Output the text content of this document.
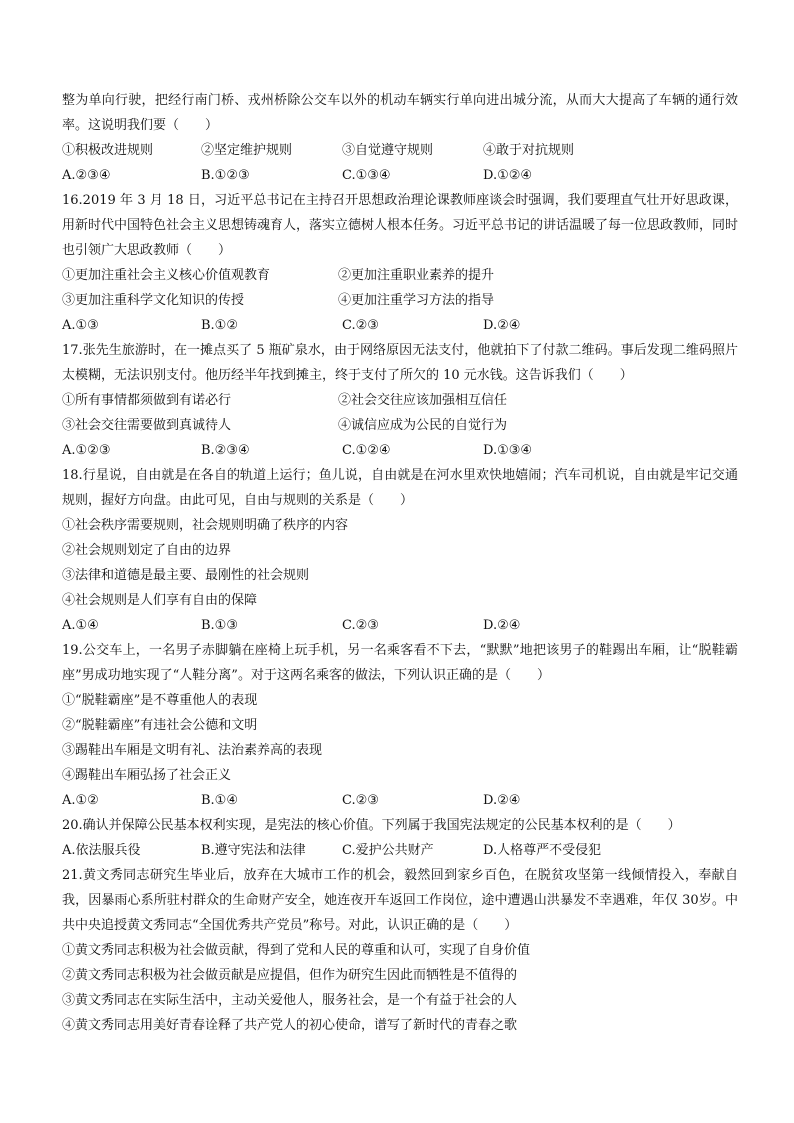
整为单向行驶，把经行南门桥、戎州桥除公交车以外的机动车辆实行单向进出城分流，从而大大提高了车辆的通行效率。这说明我们要（　　）

①积极改进规则	②坚定维护规则	③自觉遵守规则	④敢于对抗规则
A.②③④	B.①②③	C.①③④	D.①②④

16.2019 年 3 月 18 日，习近平总书记在主持召开思想政治理论课教师座谈会时强调，我们要理直气壮开好思政课，用新时代中国特色社会主义思想铸魂育人，落实立德树人根本任务。习近平总书记的讲话温暖了每一位思政教师，同时也引领广大思政教师（　　）

①更加注重社会主义核心价值观教育	②更加注重职业素养的提升
③更加注重科学文化知识的传授	④更加注重学习方法的指导
A.①③	B.①②	C.②③	D.②④

17.张先生旅游时，在一摊点买了 5 瓶矿泉水，由于网络原因无法支付，他就拍下了付款二维码。事后发现二维码照片太模糊，无法识别支付。他历经半年找到摊主，终于支付了所欠的 10 元水钱。这告诉我们（　　）

①所有事情都须做到有诺必行	②社会交往应该加强相互信任
③社会交往需要做到真诚待人	④诚信应成为公民的自觉行为
A.①②③	B.②③④	C.①②④	D.①③④

18.行星说，自由就是在各自的轨道上运行；鱼儿说，自由就是在河水里欢快地嬉闹；汽车司机说，自由就是牢记交通规则，握好方向盘。由此可见，自由与规则的关系是（　　）

①社会秩序需要规则，社会规则明确了秩序的内容

②社会规则划定了自由的边界

③法律和道德是最主要、最刚性的社会规则

④社会规则是人们享有自由的保障

A.①④	B.①③	C.②③	D.②④

19.公交车上，一名男子赤脚躺在座椅上玩手机，另一名乘客看不下去，“默默”地把该男子的鞋踢出车厢，让“脱鞋霸座”男成功地实现了“人鞋分离”。对于这两名乘客的做法，下列认识正确的是（　　）

①“脱鞋霸座”是不尊重他人的表现

②“脱鞋霸座”有违社会公德和文明

③踢鞋出车厢是文明有礼、法治素养高的表现

④踢鞋出车厢弘扬了社会正义

A.①②	B.①④	C.②③	D.②④

20.确认并保障公民基本权利实现，是宪法的核心价值。下列属于我国宪法规定的公民基本权利的是（　　）

A.依法服兵役	B.遵守宪法和法律	C.爱护公共财产	D.人格尊严不受侵犯

21.黄文秀同志研究生毕业后，放弃在大城市工作的机会，毅然回到家乡百色，在脱贫攻坚第一线倾情投入，奉献自我，因暴雨心系所驻村群众的生命财产安全，她连夜开车返回工作岗位，途中遭遇山洪暴发不幸遇难，年仅 30岁。中共中央追授黄文秀同志“全国优秀共产党员”称号。对此，认识正确的是（　　）

①黄文秀同志积极为社会做贡献，得到了党和人民的尊重和认可，实现了自身价值

②黄文秀同志积极为社会做贡献是应提倡，但作为研究生因此而牺牲是不值得的

③黄文秀同志在实际生活中，主动关爱他人，服务社会，是一个有益于社会的人

④黄文秀同志用美好青春诠释了共产党人的初心使命，谱写了新时代的青春之歌
